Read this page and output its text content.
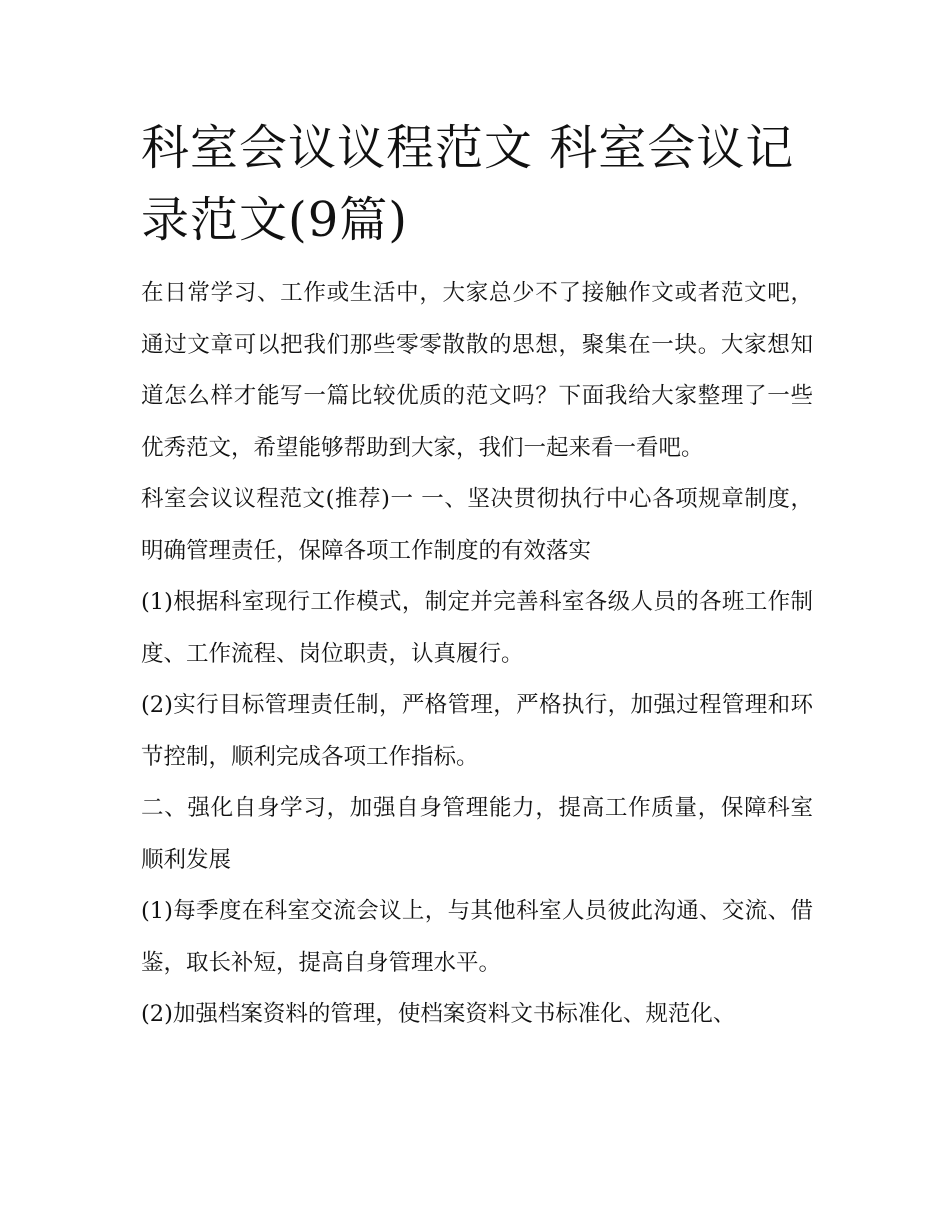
科室会议议程范文 科室会议记录范文(9篇)

在日常学习、工作或生活中，大家总少不了接触作文或者范文吧，通过文章可以把我们那些零零散散的思想，聚集在一块。大家想知道怎么样才能写一篇比较优质的范文吗？下面我给大家整理了一些优秀范文，希望能够帮助到大家，我们一起来看一看吧。

科室会议议程范文(推荐)一 一、坚决贯彻执行中心各项规章制度，明确管理责任，保障各项工作制度的有效落实

(1)根据科室现行工作模式，制定并完善科室各级人员的各班工作制度、工作流程、岗位职责，认真履行。

(2)实行目标管理责任制，严格管理，严格执行，加强过程管理和环节控制，顺利完成各项工作指标。

二、强化自身学习，加强自身管理能力，提高工作质量，保障科室顺利发展

(1)每季度在科室交流会议上，与其他科室人员彼此沟通、交流、借鉴，取长补短，提高自身管理水平。

(2)加强档案资料的管理，使档案资料文书标准化、规范化、
